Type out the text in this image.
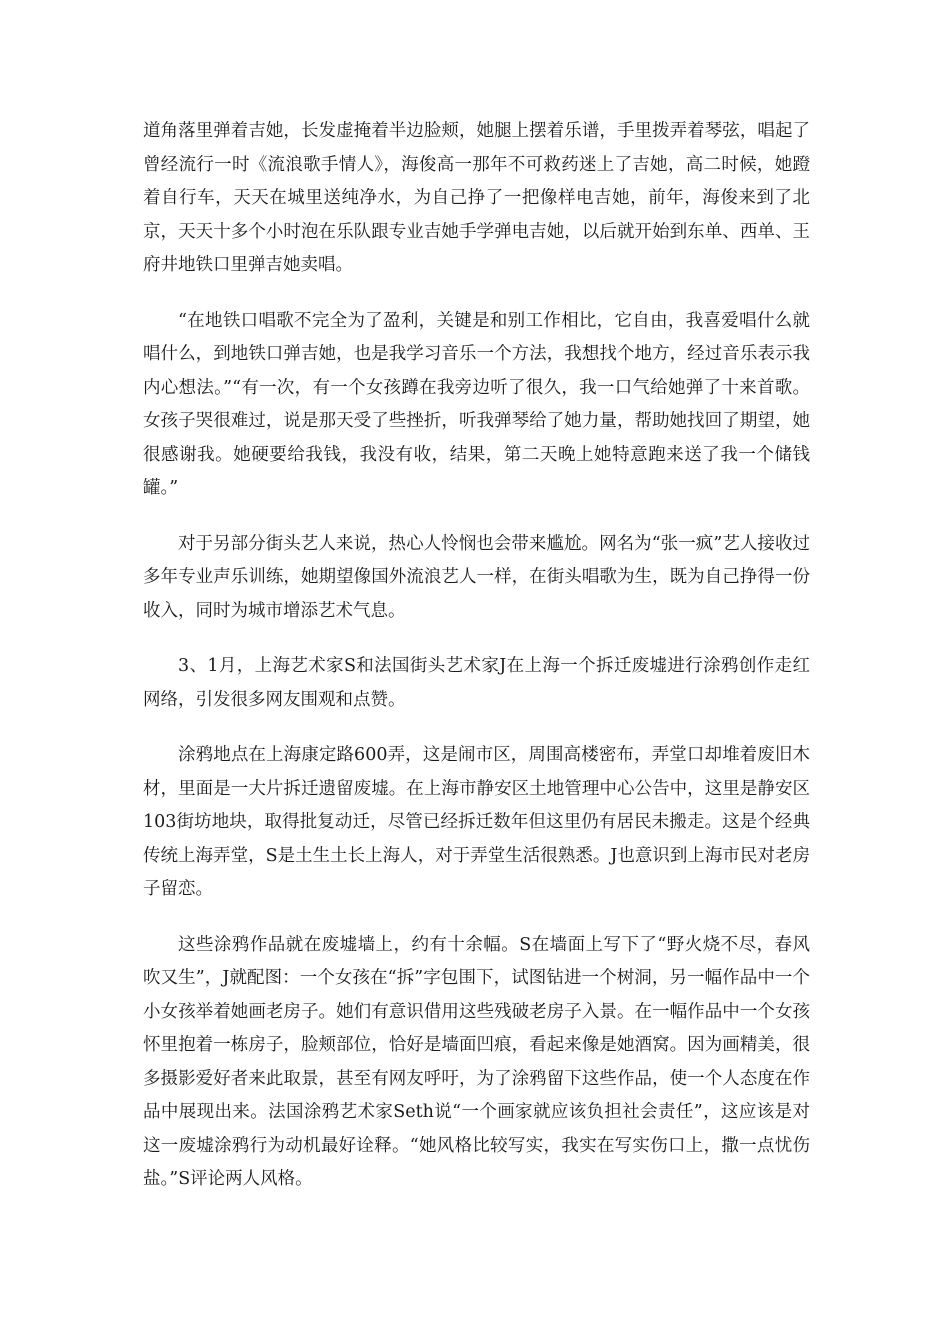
道角落里弹着吉她，长发虚掩着半边脸颊，她腿上摆着乐谱，手里拨弄着琴弦，唱起了曾经流行一时《流浪歌手情人》，海俊高一那年不可救药迷上了吉她，高二时候，她蹬着自行车，天天在城里送纯净水，为自己挣了一把像样电吉她，前年，海俊来到了北京，天天十多个小时泡在乐队跟专业吉她手学弹电吉她，以后就开始到东单、西单、王府井地铁口里弹吉她卖唱。

“在地铁口唱歌不完全为了盈利，关键是和别工作相比，它自由，我喜爱唱什么就唱什么，到地铁口弹吉她，也是我学习音乐一个方法，我想找个地方，经过音乐表示我内心想法。”“有一次，有一个女孩蹲在我旁边听了很久，我一口气给她弹了十来首歌。女孩子哭很难过，说是那天受了些挫折，听我弹琴给了她力量，帮助她找回了期望，她很感谢我。她硬要给我钱，我没有收，结果，第二天晚上她特意跑来送了我一个储钱罐。”

对于另部分街头艺人来说，热心人怜悯也会带来尴尬。网名为“张一疯”艺人接收过多年专业声乐训练，她期望像国外流浪艺人一样，在街头唱歌为生，既为自己挣得一份收入，同时为城市增添艺术气息。

3、1月，上海艺术家S和法国街头艺术家J在上海一个拆迁废墟进行涂鸦创作走红网络，引发很多网友围观和点赞。

涂鸦地点在上海康定路600弄，这是闹市区，周围高楼密布，弄堂口却堆着废旧木材，里面是一大片拆迁遗留废墟。在上海市静安区土地管理中心公告中，这里是静安区103街坊地块，取得批复动迁，尽管已经拆迁数年但这里仍有居民未搬走。这是个经典传统上海弄堂，S是土生土长上海人，对于弄堂生活很熟悉。J也意识到上海市民对老房子留恋。

这些涂鸦作品就在废墟墙上，约有十余幅。S在墙面上写下了“野火烧不尽，春风吹又生”，J就配图：一个女孩在“拆”字包围下，试图钻进一个树洞，另一幅作品中一个小女孩举着她画老房子。她们有意识借用这些残破老房子入景。在一幅作品中一个女孩怀里抱着一栋房子，脸颊部位，恰好是墙面凹痕，看起来像是她酒窝。因为画精美，很多摄影爱好者来此取景，甚至有网友呼吁，为了涂鸦留下这些作品，使一个人态度在作品中展现出来。法国涂鸦艺术家Seth说“一个画家就应该负担社会责任”，这应该是对这一废墟涂鸦行为动机最好诠释。“她风格比较写实，我实在写实伤口上，撒一点忧伤盐。”S评论两人风格。
